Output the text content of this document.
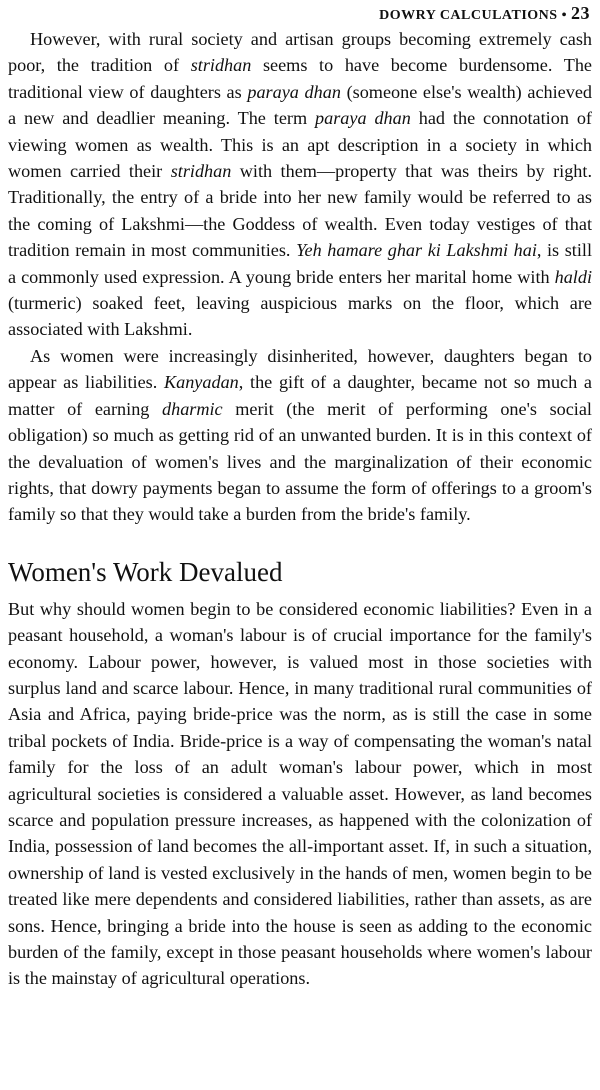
DOWRY CALCULATIONS • 23

However, with rural society and artisan groups becoming extremely cash poor, the tradition of stridhan seems to have become burdensome. The traditional view of daughters as paraya dhan (someone else's wealth) achieved a new and deadlier meaning. The term paraya dhan had the connotation of viewing women as wealth. This is an apt description in a society in which women carried their stridhan with them—property that was theirs by right. Traditionally, the entry of a bride into her new family would be referred to as the coming of Lakshmi—the Goddess of wealth. Even today vestiges of that tradition remain in most communities. Yeh hamare ghar ki Lakshmi hai, is still a commonly used expression. A young bride enters her marital home with haldi (turmeric) soaked feet, leaving auspicious marks on the floor, which are associated with Lakshmi.

As women were increasingly disinherited, however, daughters began to appear as liabilities. Kanyadan, the gift of a daughter, became not so much a matter of earning dharmic merit (the merit of performing one's social obligation) so much as getting rid of an unwanted burden. It is in this context of the devaluation of women's lives and the marginalization of their economic rights, that dowry payments began to assume the form of offerings to a groom's family so that they would take a burden from the bride's family.

Women's Work Devalued

But why should women begin to be considered economic liabilities? Even in a peasant household, a woman's labour is of crucial importance for the family's economy. Labour power, however, is valued most in those societies with surplus land and scarce labour. Hence, in many traditional rural communities of Asia and Africa, paying bride-price was the norm, as is still the case in some tribal pockets of India. Bride-price is a way of compensating the woman's natal family for the loss of an adult woman's labour power, which in most agricultural societies is considered a valuable asset. However, as land becomes scarce and population pressure increases, as happened with the colonization of India, possession of land becomes the all-important asset. If, in such a situation, ownership of land is vested exclusively in the hands of men, women begin to be treated like mere dependents and considered liabilities, rather than assets, as are sons. Hence, bringing a bride into the house is seen as adding to the economic burden of the family, except in those peasant households where women's labour is the mainstay of agricultural operations.
